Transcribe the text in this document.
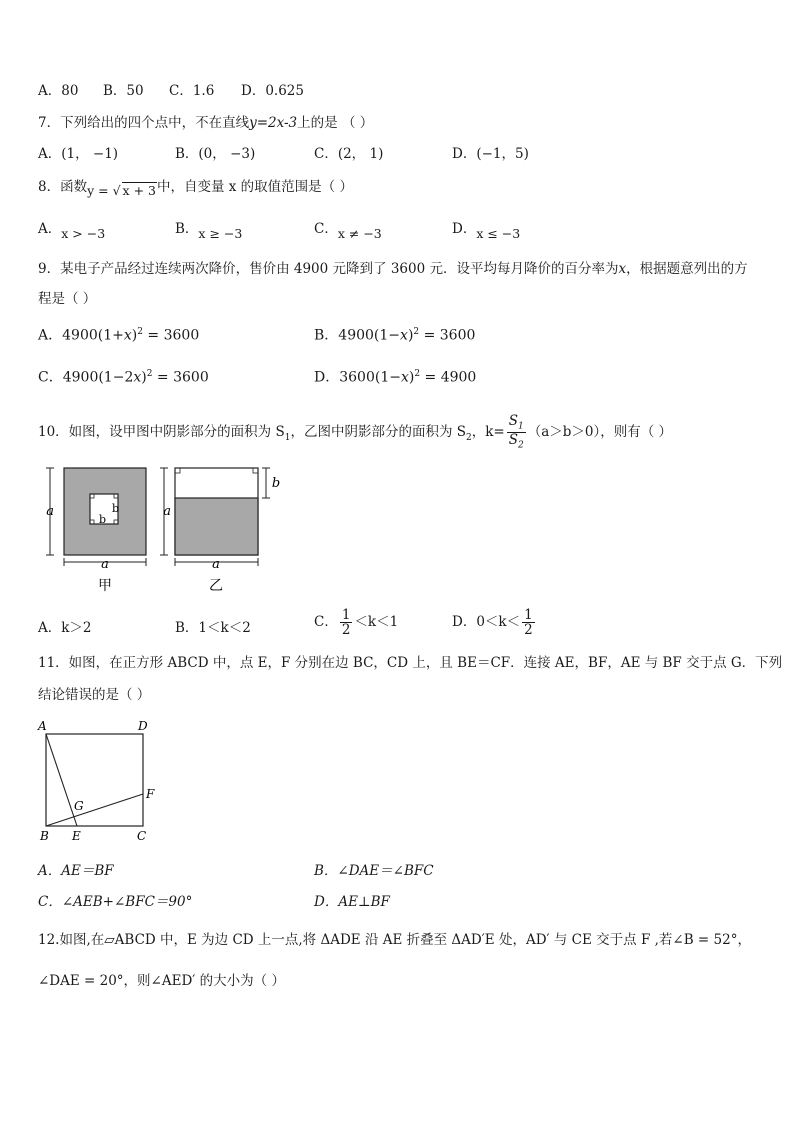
A．80 B．50 C．1.6 D．0.625
7．下列给出的四个点中，不在直线y=2x-3上的是 （ ）
A．(1， −1)	B．(0， −3)	C．(2， 1)	D．(−1，5)
8．函数y = √ x + 3中，自变量 x 的取值范围是（ ）
A．x > −3	B．x ≥ −3	C．x ≠ −3	D．x ≤ −3
9．某电子产品经过连续两次降价，售价由 4900 元降到了 3600 元．设平均每月降价的百分率为x，根据题意列出的方
程是（ ）
A．$4900(1+x)^2 = 3600$	B．$4900(1-x)^2 = 3600$
C．$4900(1-2x)^2 = 3600$	D．$3600(1-x)^2 = 4900$
10．如图，设甲图中阴影部分的面积为 $S_1$，乙图中阴影部分的面积为 $S_2$，$k= \frac{S_1}{S_2} (a>b>0)$，则有（ ）
a
a
b
b
甲
a
a
b
乙
A．k＞2	B．1＜k＜2	C． $\frac{1}{2} <k<1$	D．$0<k< \frac{1}{2}$
11．如图，在正方形 ABCD 中，点 E，F 分别在边 BC，CD 上，且 BE＝CF．连接 AE，BF，AE 与 BF 交于点 G．下列
结论错误的是（ ）
A	D
G
F
B E	C
A．AE＝BF	B．∠DAE＝∠BFC
C．∠AEB+∠BFC＝90°	D．AE⊥BF
12.如图,在▱ABCD 中，E 为边 CD 上一点,将 ΔADE 沿 AE 折叠至 ΔAD′E 处，AD′ 与 CE 交于点 F ,若∠B = 52°，
∠DAE = 20°，则∠AED′ 的大小为（ ）
